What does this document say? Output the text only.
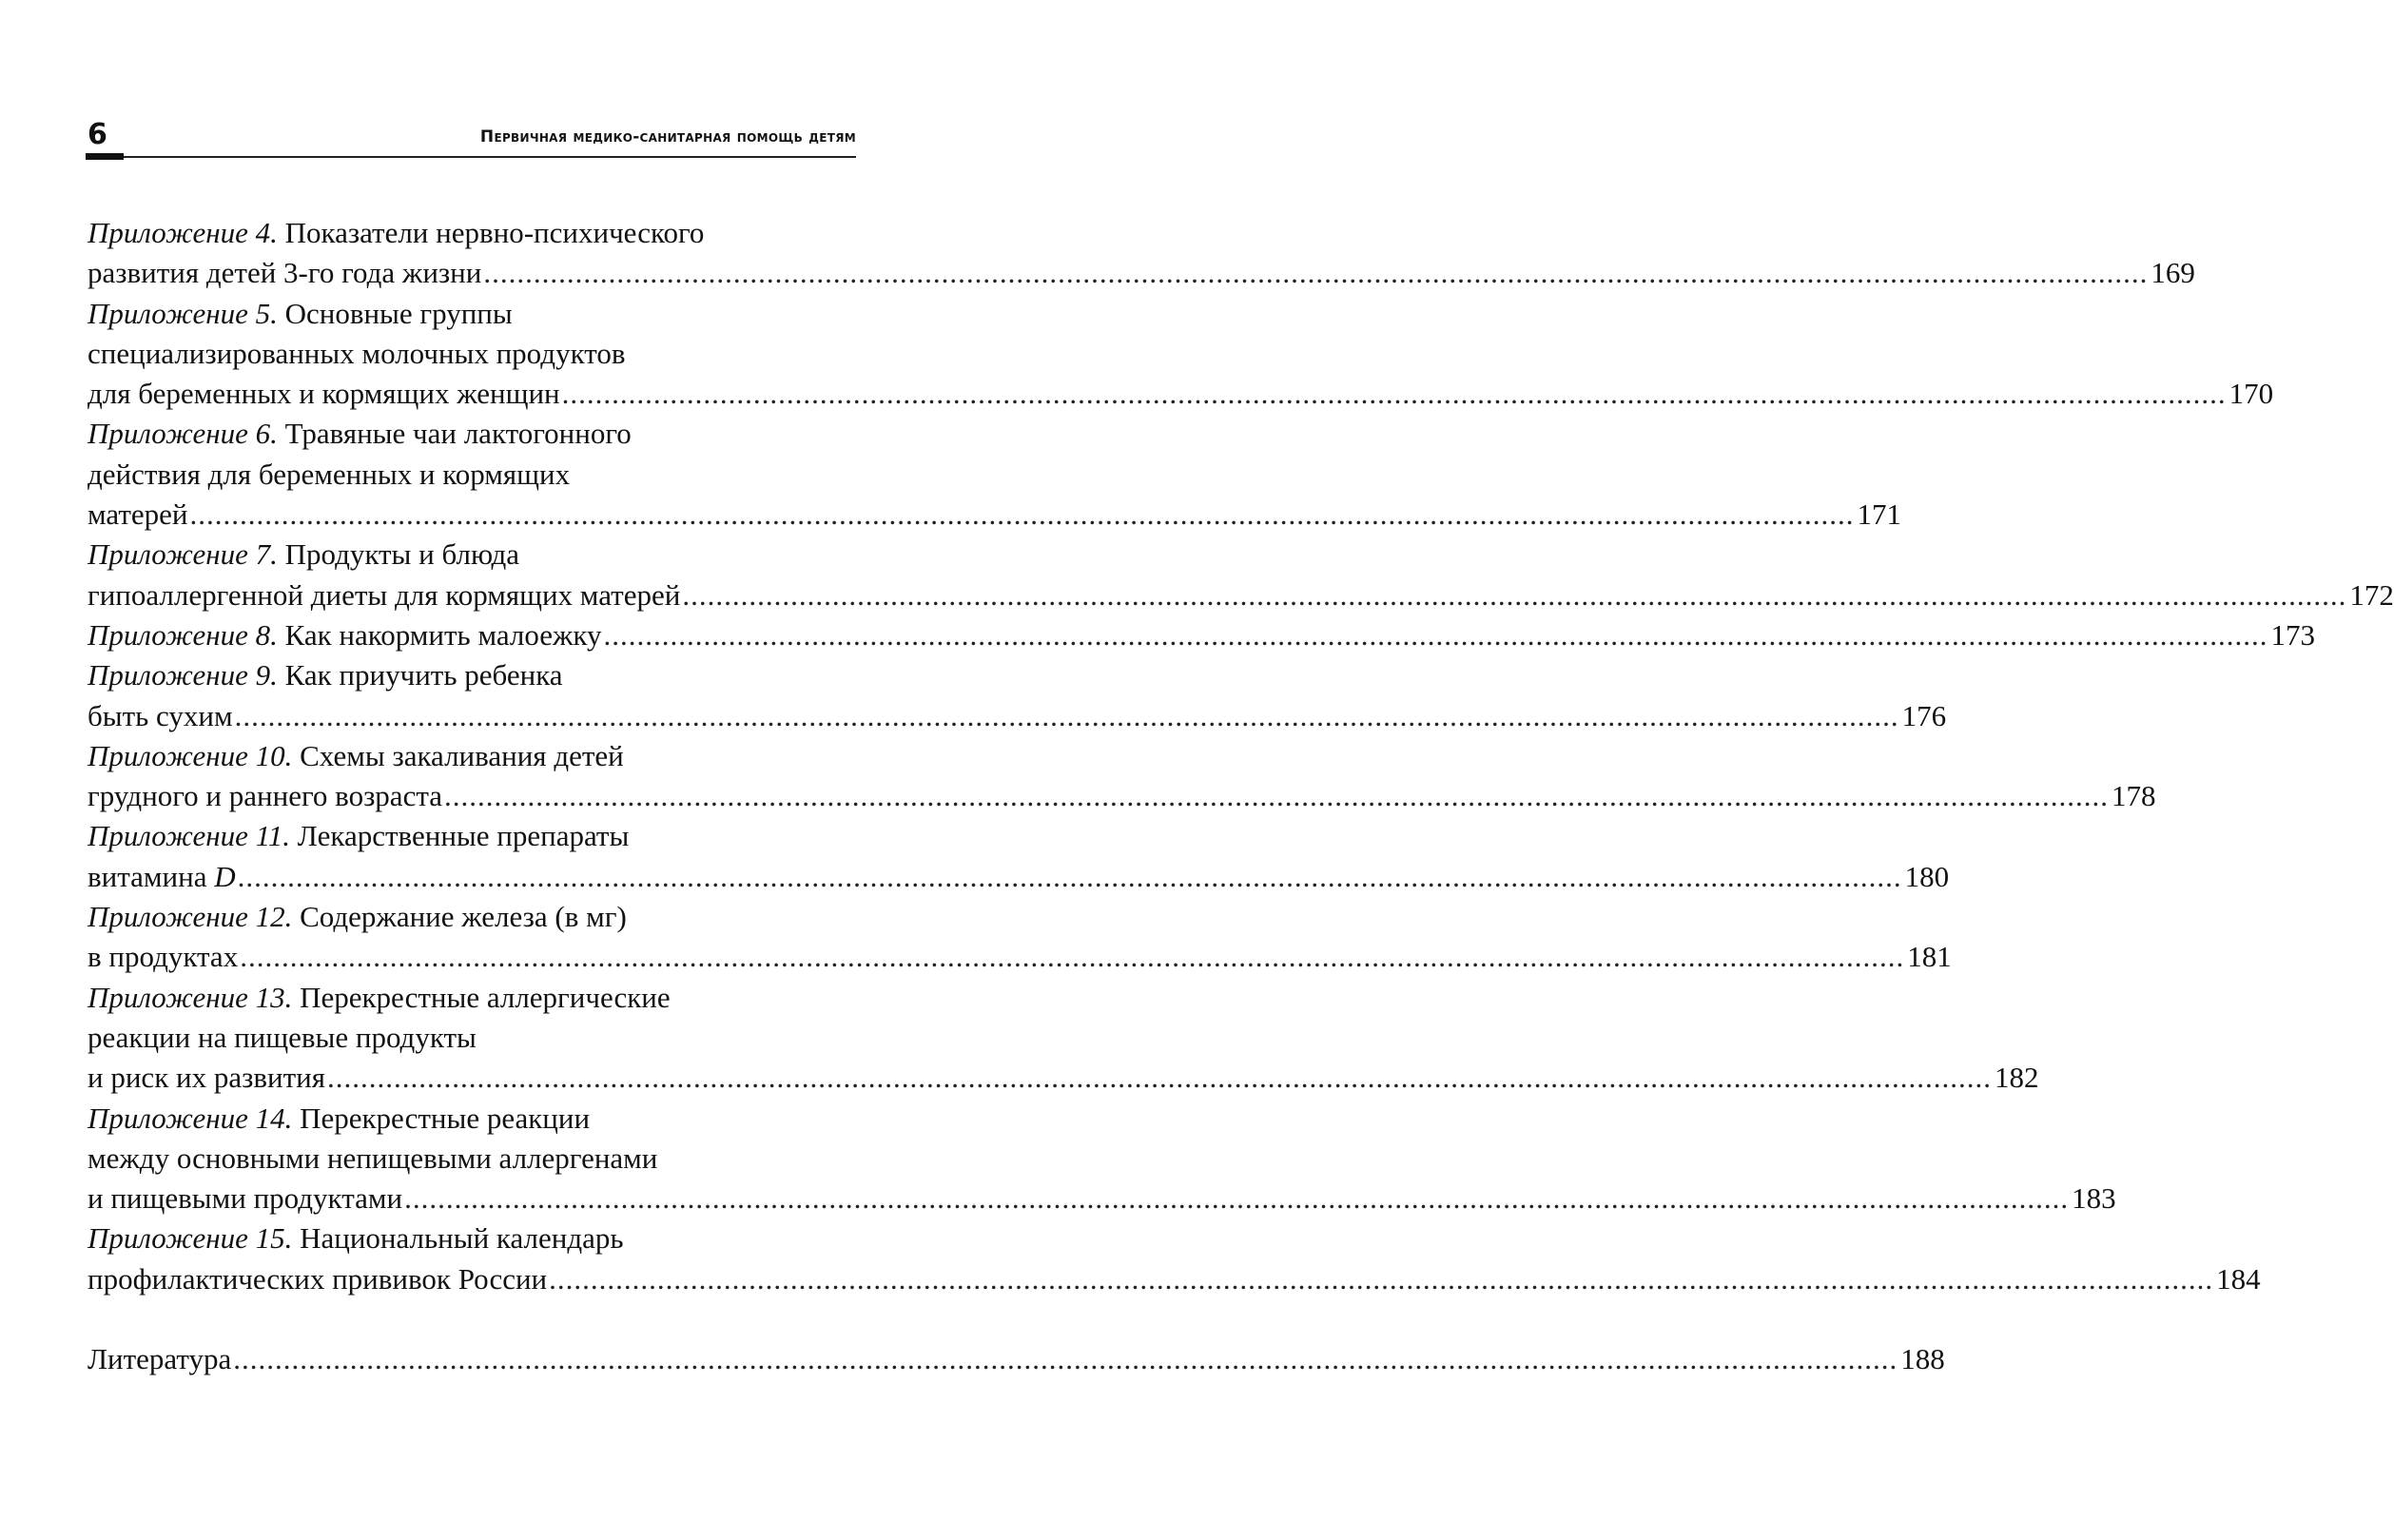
6	Первичная медико-санитарная помощь детям
Приложение 4. Показатели нервно-психического
развития детей 3-го года жизни ........................................................................................................................................................................................................ 169
Приложение 5. Основные группы
специализированных молочных продуктов
для беременных и кормящих женщин ........................................................................................................................................................................................................ 170
Приложение 6. Травяные чаи лактогонного
действия для беременных и кормящих
матерей ........................................................................................................................................................................................................ 171
Приложение 7. Продукты и блюда
гипоаллергенной диеты для кормящих матерей ........................................................................................................................................................................................................ 172
Приложение 8. Как накормить малоежку ........................................................................................................................................................................................................ 173
Приложение 9. Как приучить ребенка
быть сухим ........................................................................................................................................................................................................ 176
Приложение 10. Схемы закаливания детей
грудного и раннего возраста ........................................................................................................................................................................................................ 178
Приложение 11. Лекарственные препараты
витамина D ........................................................................................................................................................................................................ 180
Приложение 12. Содержание железа (в мг)
в продуктах ........................................................................................................................................................................................................ 181
Приложение 13. Перекрестные аллергические
реакции на пищевые продукты
и риск их развития ........................................................................................................................................................................................................ 182
Приложение 14. Перекрестные реакции
между основными непищевыми аллергенами
и пищевыми продуктами ........................................................................................................................................................................................................ 183
Приложение 15. Национальный календарь
профилактических прививок России ........................................................................................................................................................................................................ 184
Литература ........................................................................................................................................................................................................ 188
